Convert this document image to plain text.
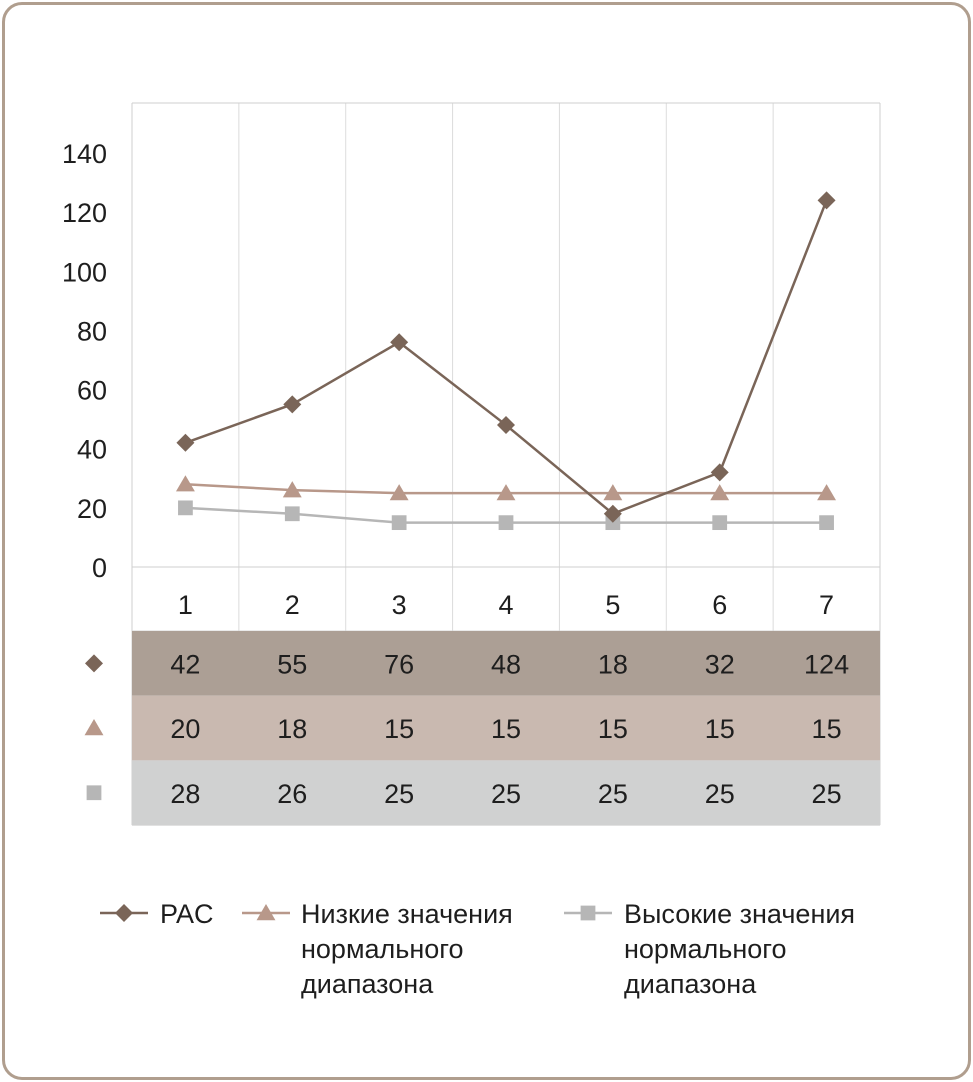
0
20
40
60
80
100
120
140
1	2	3	4	5	6	7
42	55	76	48	18	32	124
20	18	15	15	15	15	15
28	26	25	25	25	25	25
PAC	Низкие значения нормального диапазона
Высокие значения нормального диапазона
